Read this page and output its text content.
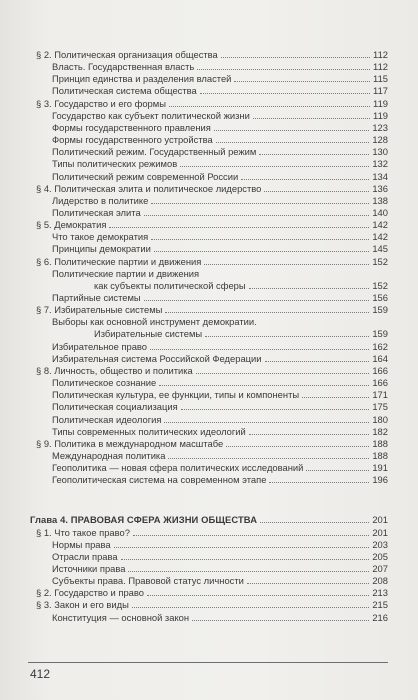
§ 2. Политическая организация общества	112
Власть. Государственная власть	112
Принцип единства и разделения властей	115
Политическая система общества	117
§ 3. Государство и его формы	119
Государство как субъект политической жизни	119
Формы государственного правления	123
Формы государственного устройства	128
Политический режим. Государственный режим	130
Типы политических режимов	132
Политический режим современной России	134
§ 4. Политическая элита и политическое лидерство	136
Лидерство в политике	138
Политическая элита	140
§ 5. Демократия	142
Что такое демократия	142
Принципы демократии	145
§ 6. Политические партии и движения	152
Политические партии и движения
как субъекты политической сферы	152
Партийные системы	156
§ 7. Избирательные системы	159
Выборы как основной инструмент демократии.
Избирательные системы	159
Избирательное право	162
Избирательная система Российской Федерации	164
§ 8. Личность, общество и политика	166
Политическое сознание	166
Политическая культура, ее функции, типы и компоненты	171
Политическая социализация	175
Политическая идеология	180
Типы современных политических идеологий	182
§ 9. Политика в международном масштабе	188
Международная политика	188
Геополитика — новая сфера политических исследований	191
Геополитическая система на современном этапе	196
Глава 4. ПРАВОВАЯ СФЕРА ЖИЗНИ ОБЩЕСТВА	201
§ 1. Что такое право?	201
Нормы права	203
Отрасли права	205
Источники права	207
Субъекты права. Правовой статус личности	208
§ 2. Государство и право	213
§ 3. Закон и его виды	215
Конституция — основной закон	216
412
